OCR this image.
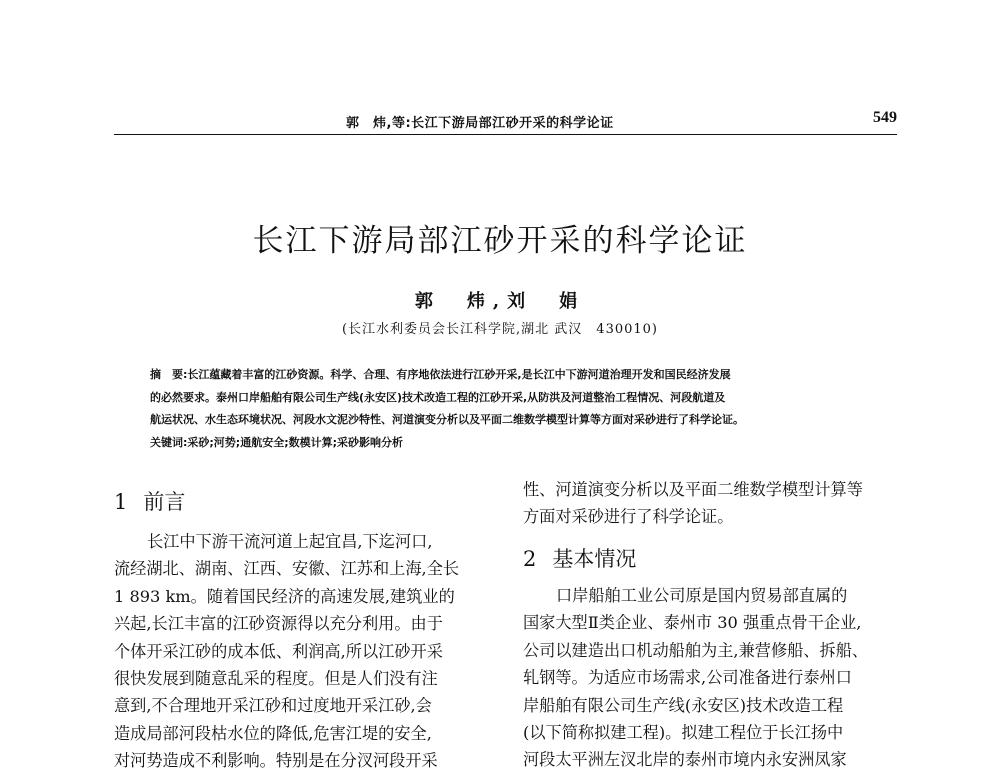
郭　炜,等:长江下游局部江砂开采的科学论证	549
长江下游局部江砂开采的科学论证
郭　炜,刘　娟
(长江水利委员会长江科学院,湖北 武汉　430010)
摘　要:长江蕴藏着丰富的江砂资源。科学、合理、有序地依法进行江砂开采,是长江中下游河道治理开发和国民经济发展
的必然要求。泰州口岸船舶有限公司生产线(永安区)技术改造工程的江砂开采,从防洪及河道整治工程情况、河段航道及
航运状况、水生态环境状况、河段水文泥沙特性、河道演变分析以及平面二维数学模型计算等方面对采砂进行了科学论证。
关键词:采砂;河势;通航安全;数模计算;采砂影响分析
1 前言
长江中下游干流河道上起宜昌,下迄河口,
流经湖北、湖南、江西、安徽、江苏和上海,全长
1 893 km。随着国民经济的高速发展,建筑业的
兴起,长江丰富的江砂资源得以充分利用。由于
个体开采江砂的成本低、利润高,所以江砂开采
很快发展到随意乱采的程度。但是人们没有注
意到,不合理地开采江砂和过度地开采江砂,会
造成局部河段枯水位的降低,危害江堤的安全,
对河势造成不利影响。特别是在分汊河段开采
性、河道演变分析以及平面二维数学模型计算等
方面对采砂进行了科学论证。
2 基本情况
口岸船舶工业公司原是国内贸易部直属的
国家大型Ⅱ类企业、泰州市 30 强重点骨干企业,
公司以建造出口机动船舶为主,兼营修船、拆船、
轧钢等。为适应市场需求,公司准备进行泰州口
岸船舶有限公司生产线(永安区)技术改造工程
(以下简称拟建工程)。拟建工程位于长江扬中
河段太平洲左汊北岸的泰州市境内永安洲凤家
